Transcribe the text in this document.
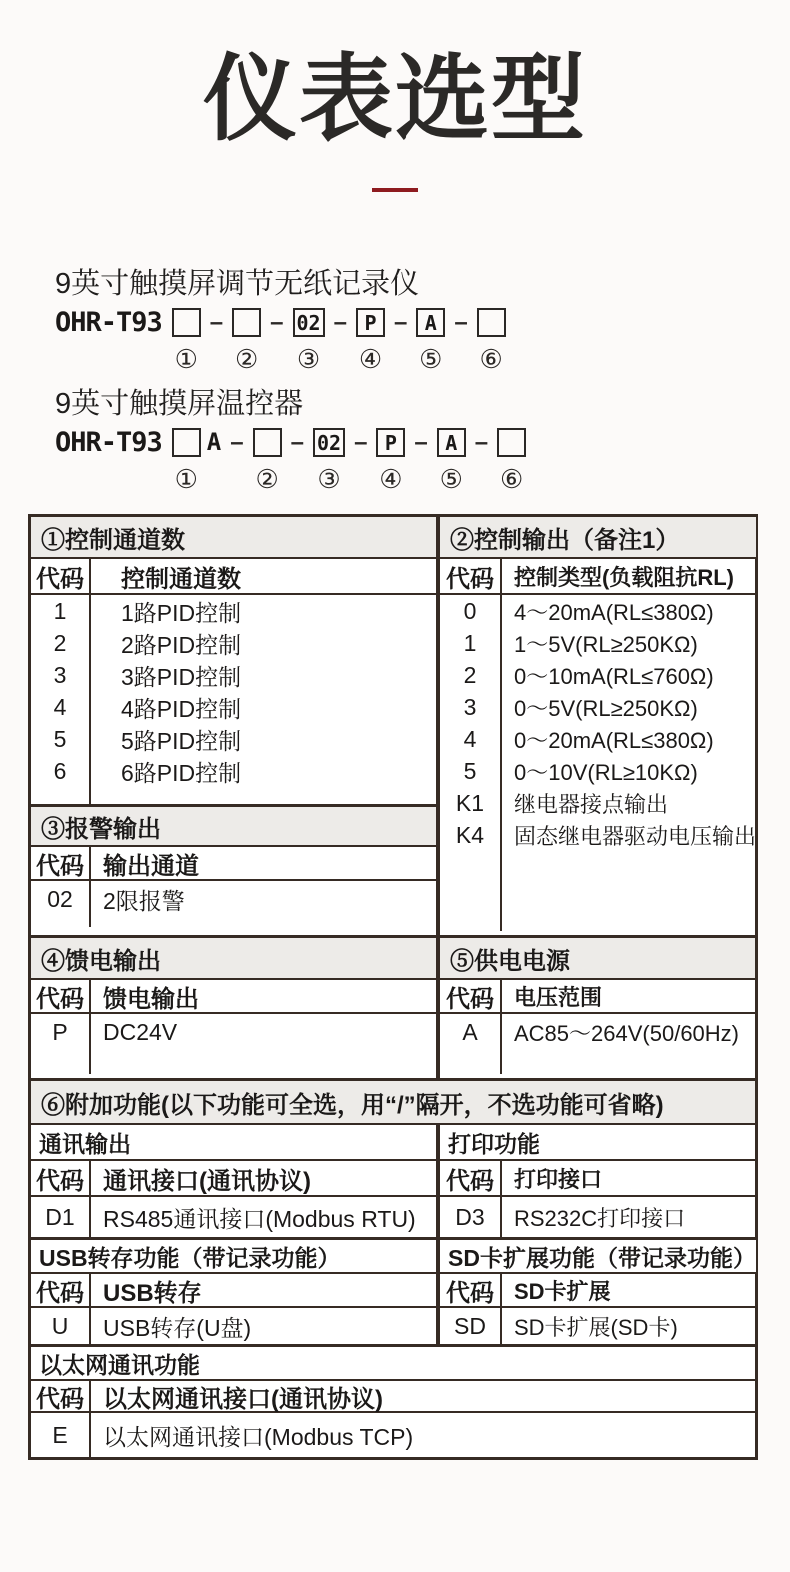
仪表选型
9英寸触摸屏调节无纸记录仪
OHR-T93
①
–
②
– 02
③
– P
④
– A
⑤
–
⑥
9英寸触摸屏温控器
OHR-T93
①
A –
②
– 02
③
– P
④
– A
⑤
–
⑥
①控制通道数
代码	控制通道数
1	1路PID控制
2	2路PID控制
3	3路PID控制
4	4路PID控制
5	5路PID控制
6	6路PID控制
③报警输出
代码 输出通道
02	2限报警
②控制输出（备注1）
代码 控制类型(负载阻抗RL)
0	4～20mA(RL≤380Ω)
1	1～5V(RL≥250KΩ)
2	0～10mA(RL≤760Ω)
3	0～5V(RL≥250KΩ)
4	0～20mA(RL≤380Ω)
5	0～10V(RL≥10KΩ)
K1	继电器接点输出
K4	固态继电器驱动电压输出
④馈电输出
代码 馈电输出
P	DC24V
⑤供电电源
代码 电压范围
A	AC85～264V(50/60Hz)
⑥附加功能(以下功能可全选，用“/”隔开，不选功能可省略)
通讯输出
代码 通讯接口(通讯协议)
D1	RS485通讯接口(Modbus RTU)
打印功能
代码 打印接口
D3	RS232C打印接口
USB转存功能（带记录功能）
代码 USB转存
U	USB转存(U盘)
SD卡扩展功能（带记录功能）
代码 SD卡扩展
SD	SD卡扩展(SD卡)
以太网通讯功能
代码 以太网通讯接口(通讯协议)
E	以太网通讯接口(Modbus TCP)
